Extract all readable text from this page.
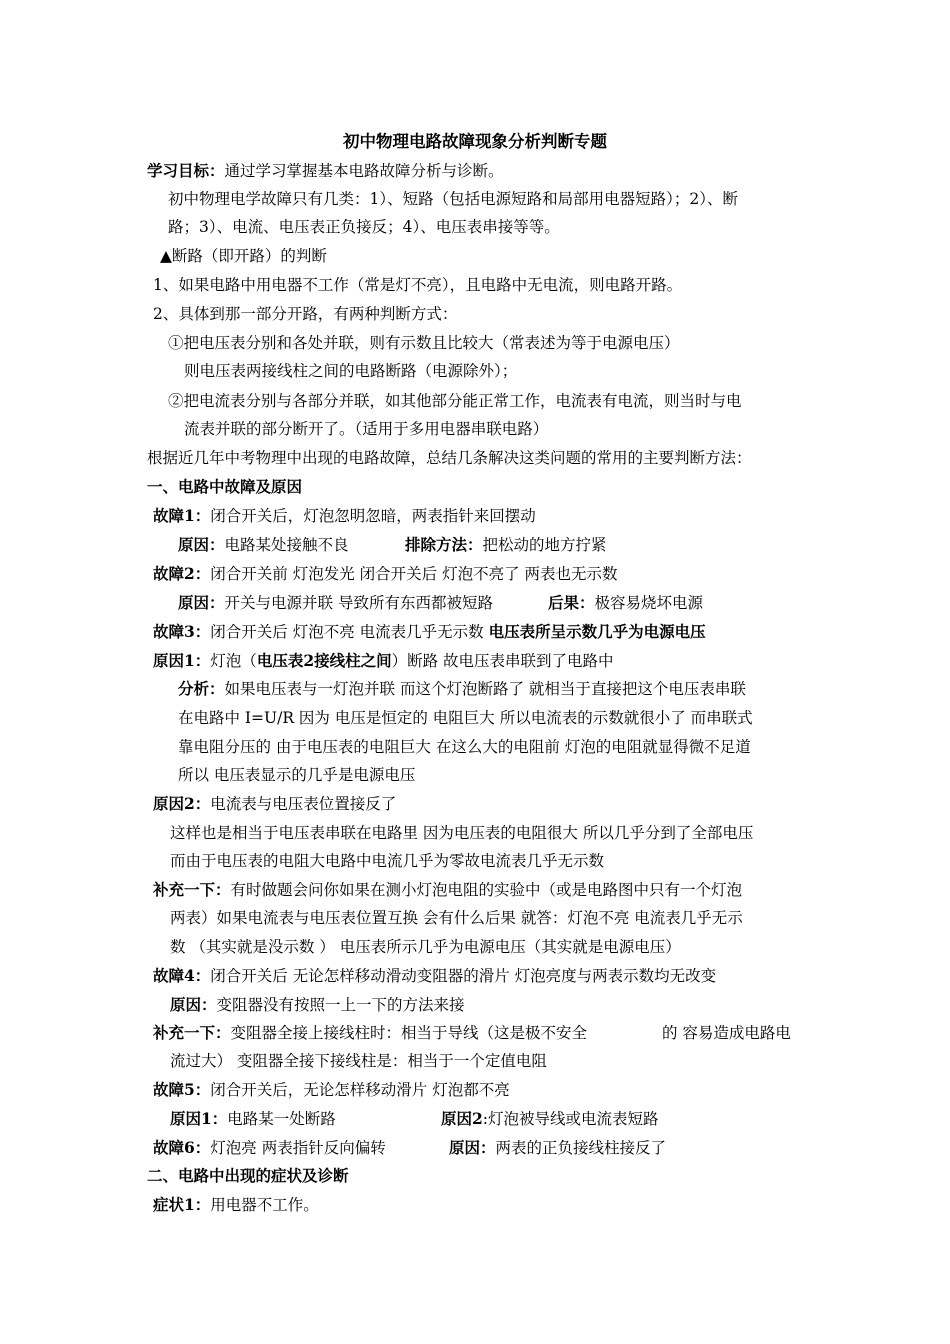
初中物理电路故障现象分析判断专题
学习目标：通过学习掌握基本电路故障分析与诊断。
初中物理电学故障只有几类：1）、短路（包括电源短路和局部用电器短路）；2）、断
路；3）、电流、电压表正负接反；4）、电压表串接等等。
▲断路（即开路）的判断
1、如果电路中用电器不工作（常是灯不亮），且电路中无电流，则电路开路。
2、具体到那一部分开路，有两种判断方式：
①把电压表分别和各处并联，则有示数且比较大（常表述为等于电源电压）
则电压表两接线柱之间的电路断路（电源除外）；
②把电流表分别与各部分并联，如其他部分能正常工作，电流表有电流，则当时与电
流表并联的部分断开了。（适用于多用电器串联电路）
根据近几年中考物理中出现的电路故障，总结几条解决这类问题的常用的主要判断方法：
一、电路中故障及原因
故障1：闭合开关后，灯泡忽明忽暗，两表指针来回摆动
原因：电路某处接触不良	排除方法：把松动的地方拧紧
故障2：闭合开关前 灯泡发光 闭合开关后 灯泡不亮了 两表也无示数
原因：开关与电源并联 导致所有东西都被短路	后果：极容易烧坏电源
故障3：闭合开关后 灯泡不亮 电流表几乎无示数 电压表所呈示数几乎为电源电压
原因1：灯泡（电压表2接线柱之间）断路 故电压表串联到了电路中
分析：如果电压表与一灯泡并联 而这个灯泡断路了 就相当于直接把这个电压表串联
在电路中 I=U/R 因为 电压是恒定的 电阻巨大 所以电流表的示数就很小了 而串联式
靠电阻分压的 由于电压表的电阻巨大 在这么大的电阻前 灯泡的电阻就显得微不足道
所以 电压表显示的几乎是电源电压
原因2：电流表与电压表位置接反了
这样也是相当于电压表串联在电路里 因为电压表的电阻很大 所以几乎分到了全部电压
而由于电压表的电阻大电路中电流几乎为零故电流表几乎无示数
补充一下：有时做题会问你如果在测小灯泡电阻的实验中（或是电路图中只有一个灯泡
两表）如果电流表与电压表位置互换 会有什么后果 就答：灯泡不亮 电流表几乎无示
数 （其实就是没示数 ） 电压表所示几乎为电源电压（其实就是电源电压）
故障4：闭合开关后 无论怎样移动滑动变阻器的滑片 灯泡亮度与两表示数均无改变
原因：变阻器没有按照一上一下的方法来接
补充一下：变阻器全接上接线柱时：相当于导线（这是极不安全	的 容易造成电路电
流过大） 变阻器全接下接线柱是：相当于一个定值电阻
故障5：闭合开关后，无论怎样移动滑片 灯泡都不亮
原因1：电路某一处断路	原因2:灯泡被导线或电流表短路
故障6：灯泡亮 两表指针反向偏转	原因：两表的正负接线柱接反了
二、电路中出现的症状及诊断
症状1：用电器不工作。
